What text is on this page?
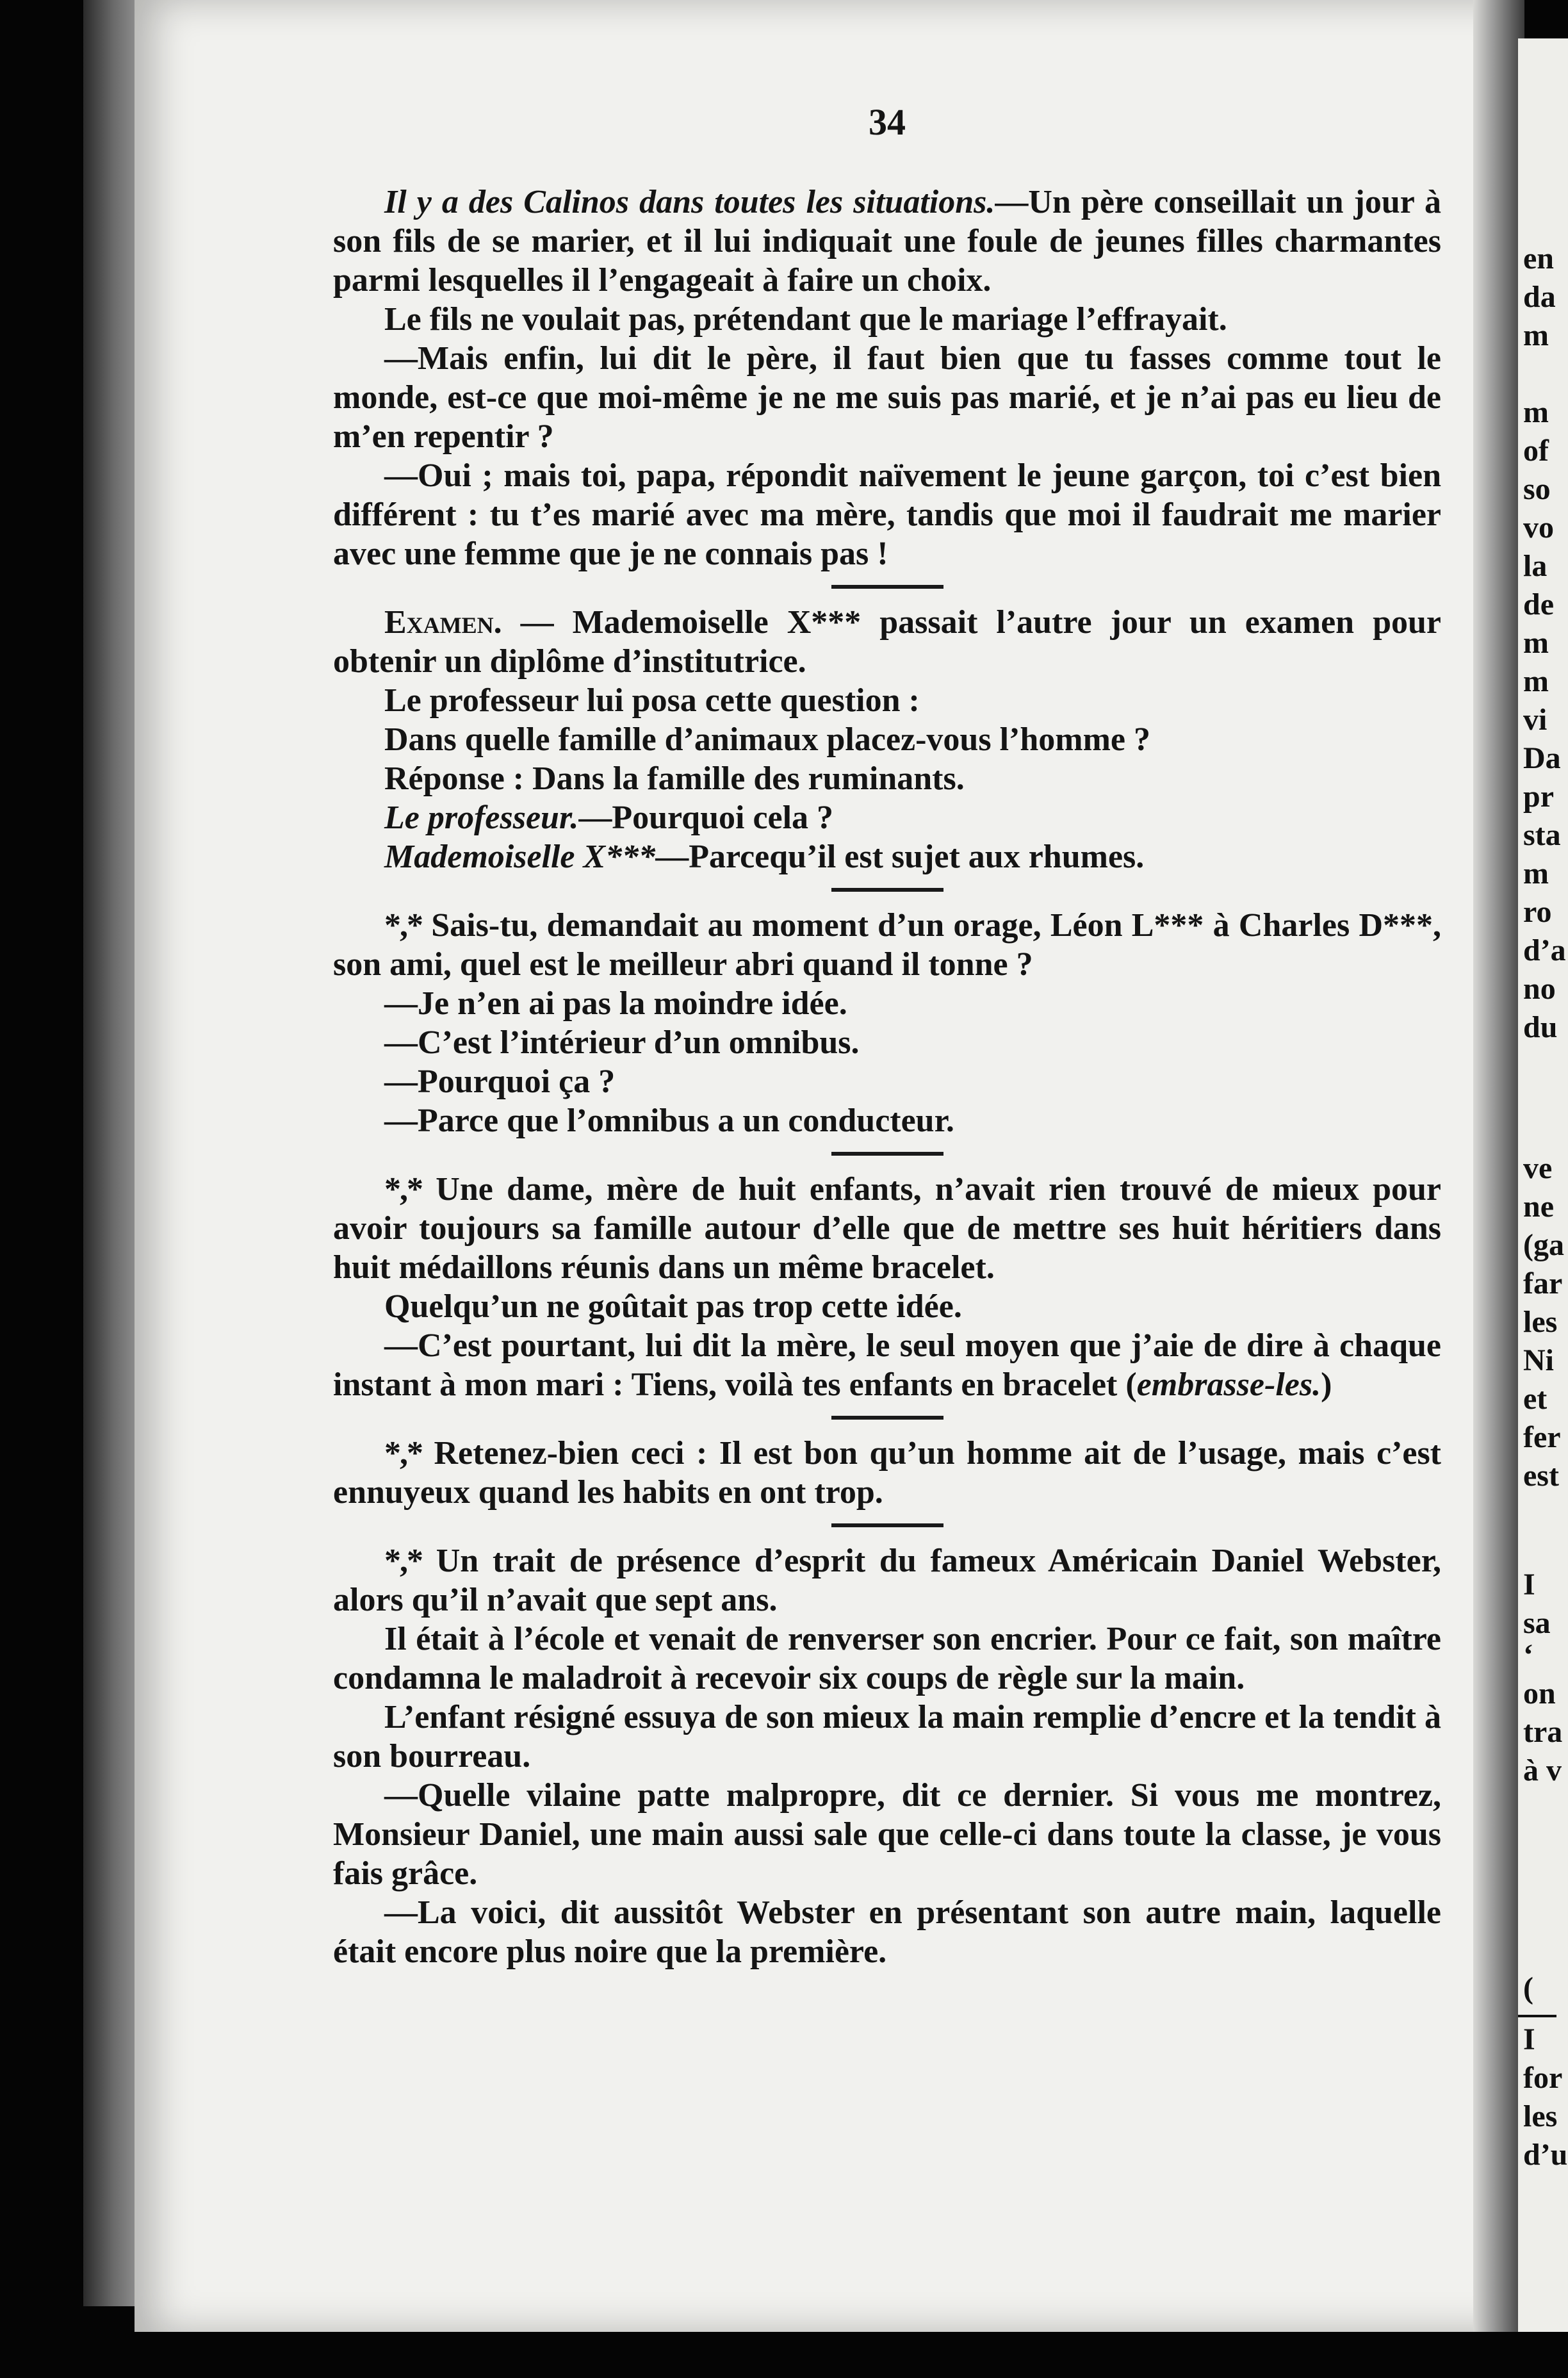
en
da
m
m
of
so
vo
la
de
m
m
vi
Da
pr
sta
m
ro
d’a
no
du
ve
ne
(ga
far
les
Ni
et
fer
est
I
sa
‘
on
tra
à v
(
I
for
les
d’u
34

Il y a des Calinos dans toutes les situations.—Un père conseillait un jour à son fils de se marier, et il lui indiquait une foule de jeunes filles charmantes parmi lesquelles il l’engageait à faire un choix.

Le fils ne voulait pas, prétendant que le mariage l’effrayait.

—Mais enfin, lui dit le père, il faut bien que tu fasses comme tout le monde, est-ce que moi-même je ne me suis pas marié, et je n’ai pas eu lieu de m’en repentir ?

—Oui ; mais toi, papa, répondit naïvement le jeune garçon, toi c’est bien différent : tu t’es marié avec ma mère, tandis que moi il faudrait me marier avec une femme que je ne connais pas !

Examen. — Mademoiselle X*** passait l’autre jour un examen pour obtenir un diplôme d’institutrice.

Le professeur lui posa cette question :

Dans quelle famille d’animaux placez-vous l’homme ?

Réponse : Dans la famille des ruminants.

Le professeur.—Pourquoi cela ?

Mademoiselle X***—Parcequ’il est sujet aux rhumes.

*,* Sais-tu, demandait au moment d’un orage, Léon L*** à Charles D***, son ami, quel est le meilleur abri quand il tonne ?

—Je n’en ai pas la moindre idée.

—C’est l’intérieur d’un omnibus.

—Pourquoi ça ?

—Parce que l’omnibus a un conducteur.

*,* Une dame, mère de huit enfants, n’avait rien trouvé de mieux pour avoir toujours sa famille autour d’elle que de mettre ses huit héritiers dans huit médaillons réunis dans un même bracelet.

Quelqu’un ne goûtait pas trop cette idée.

—C’est pourtant, lui dit la mère, le seul moyen que j’aie de dire à chaque instant à mon mari : Tiens, voilà tes enfants en bracelet (embrasse-les.)

*,* Retenez-bien ceci : Il est bon qu’un homme ait de l’usage, mais c’est ennuyeux quand les habits en ont trop.

*,* Un trait de présence d’esprit du fameux Américain Daniel Webster, alors qu’il n’avait que sept ans.

Il était à l’école et venait de renverser son encrier. Pour ce fait, son maître condamna le maladroit à recevoir six coups de règle sur la main.

L’enfant résigné essuya de son mieux la main remplie d’encre et la tendit à son bourreau.

—Quelle vilaine patte malpropre, dit ce dernier. Si vous me montrez, Monsieur Daniel, une main aussi sale que celle-ci dans toute la classe, je vous fais grâce.

—La voici, dit aussitôt Webster en présentant son autre main, laquelle était encore plus noire que la première.
